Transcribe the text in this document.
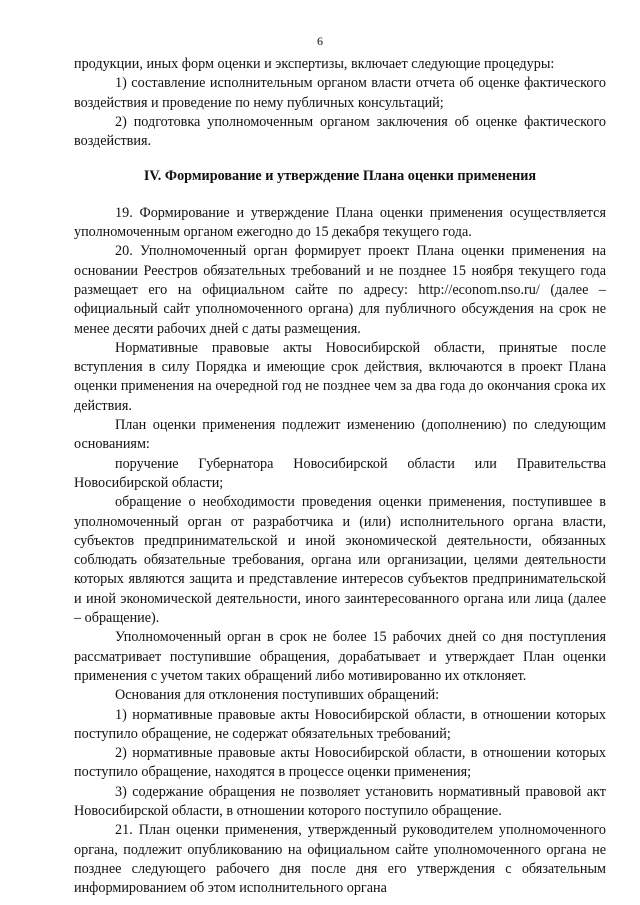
6

продукции, иных форм оценки и экспертизы, включает следующие процедуры:

1) составление исполнительным органом власти отчета об оценке фактического воздействия и проведение по нему публичных консультаций;

2) подготовка уполномоченным органом заключения об оценке фактического воздействия.

IV. Формирование и утверждение Плана оценки применения

19. Формирование и утверждение Плана оценки применения осуществляется уполномоченным органом ежегодно до 15 декабря текущего года.

20. Уполномоченный орган формирует проект Плана оценки применения на основании Реестров обязательных требований и не позднее 15 ноября текущего года размещает его на официальном сайте по адресу: http://econom.nso.ru/ (далее – официальный сайт уполномоченного органа) для публичного обсуждения на срок не менее десяти рабочих дней с даты размещения.

Нормативные правовые акты Новосибирской области, принятые после вступления в силу Порядка и имеющие срок действия, включаются в проект Плана оценки применения на очередной год не позднее чем за два года до окончания срока их действия.

План оценки применения подлежит изменению (дополнению) по следующим основаниям:

поручение Губернатора Новосибирской области или Правительства Новосибирской области;

обращение о необходимости проведения оценки применения, поступившее в уполномоченный орган от разработчика и (или) исполнительного органа власти, субъектов предпринимательской и иной экономической деятельности, обязанных соблюдать обязательные требования, органа или организации, целями деятельности которых являются защита и представление интересов субъектов предпринимательской и иной экономической деятельности, иного заинтересованного органа или лица (далее – обращение).

Уполномоченный орган в срок не более 15 рабочих дней со дня поступления рассматривает поступившие обращения, дорабатывает и утверждает План оценки применения с учетом таких обращений либо мотивированно их отклоняет.

Основания для отклонения поступивших обращений:

1) нормативные правовые акты Новосибирской области, в отношении которых поступило обращение, не содержат обязательных требований;

2) нормативные правовые акты Новосибирской области, в отношении которых поступило обращение, находятся в процессе оценки применения;

3) содержание обращения не позволяет установить нормативный правовой акт Новосибирской области, в отношении которого поступило обращение.

21. План оценки применения, утвержденный руководителем уполномоченного органа, подлежит опубликованию на официальном сайте уполномоченного органа не позднее следующего рабочего дня после дня его утверждения с обязательным информированием об этом исполнительного органа
